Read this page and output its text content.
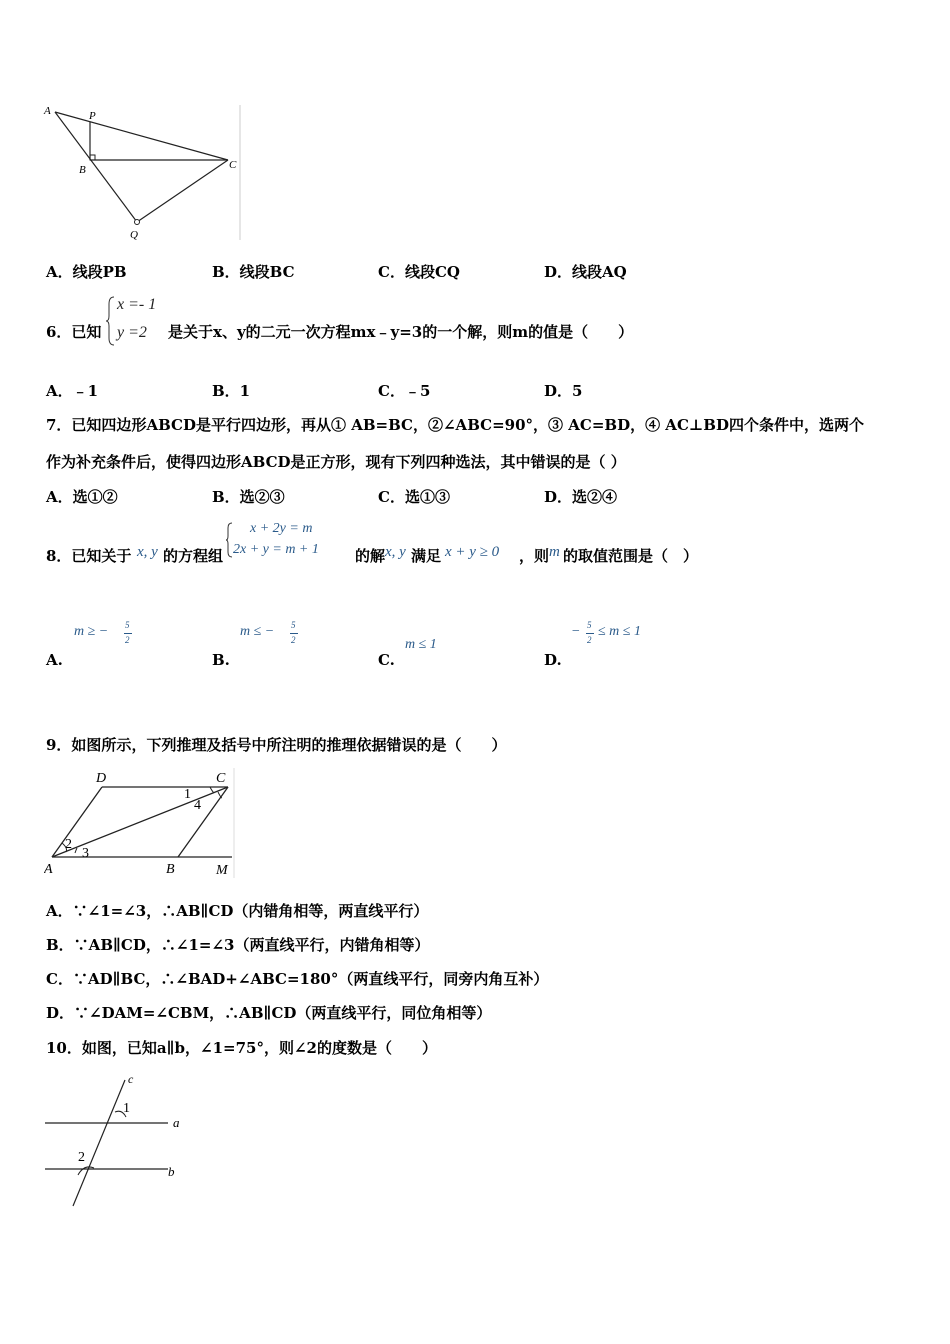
A	P
B	C
Q
A．线段PB	B．线段BC	C．线段CQ	D．线段AQ
6．已知
x =- 1
y =2 是关于x、y的二元一次方程mx﹣y=3的一个解，则m的值是（　　）
A．﹣1	B．1	C．﹣5	D．5
7．已知四边形ABCD是平行四边形，再从① AB=BC，②∠ABC=90°，③ AC=BD，④ AC⊥BD四个条件中，选两个
作为补充条件后，使得四边形ABCD是正方形，现有下列四种选法，其中错误的是（ ）
A．选①②	B．选②③	C．选①③	D．选②④
8．已知关于 x, y 的方程组
x + 2y = m
2x + y = m + 1 的解 x, y 满足 x + y ≥ 0 ，则 m 的取值范围是（　）
m ≥ − 5
2
m ≤ − 5
2	m ≤ 1
− 5
2
≤ m ≤ 1
A.	B.	C.	D.
9．如图所示，下列推理及括号中所注明的推理依据错误的是（　　）
D	C
A	B	M
1
4
2
3
A．∵∠1=∠3，∴AB∥CD（内错角相等，两直线平行）
B．∵AB∥CD，∴∠1=∠3（两直线平行，内错角相等）
C．∵AD∥BC，∴∠BAD+∠ABC=180°（两直线平行，同旁内角互补）
D．∵∠DAM=∠CBM，∴AB∥CD（两直线平行，同位角相等）
10．如图，已知a∥b，∠1=75°，则∠2的度数是（　　）
c
a
b
1
2
